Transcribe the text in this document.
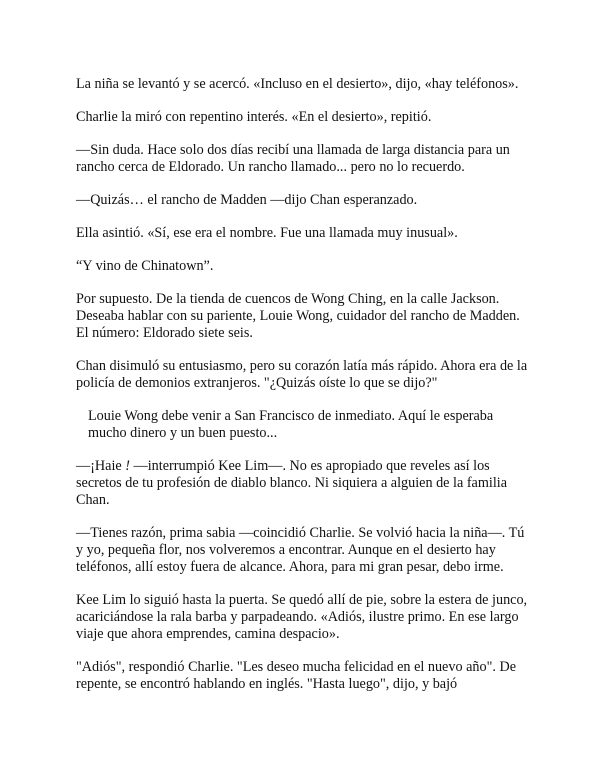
La niña se levantó y se acercó. «Incluso en el desierto», dijo, «hay teléfonos».

Charlie la miró con repentino interés. «En el desierto», repitió.

—Sin duda. Hace solo dos días recibí una llamada de larga distancia para un rancho cerca de Eldorado. Un rancho llamado... pero no lo recuerdo.

—Quizás… el rancho de Madden —dijo Chan esperanzado.

Ella asintió. «Sí, ese era el nombre. Fue una llamada muy inusual».

“Y vino de Chinatown”.

Por supuesto. De la tienda de cuencos de Wong Ching, en la calle Jackson. Deseaba hablar con su pariente, Louie Wong, cuidador del rancho de Madden. El número: Eldorado siete seis.

Chan disimuló su entusiasmo, pero su corazón latía más rápido. Ahora era de la policía de demonios extranjeros. "¿Quizás oíste lo que se dijo?"

Louie Wong debe venir a San Francisco de inmediato. Aquí le esperaba mucho dinero y un buen puesto...

—¡Haie ! —interrumpió Kee Lim—. No es apropiado que reveles así los secretos de tu profesión de diablo blanco. Ni siquiera a alguien de la familia Chan.

—Tienes razón, prima sabia —coincidió Charlie. Se volvió hacia la niña—. Tú y yo, pequeña flor, nos volveremos a encontrar. Aunque en el desierto hay teléfonos, allí estoy fuera de alcance. Ahora, para mi gran pesar, debo irme.

Kee Lim lo siguió hasta la puerta. Se quedó allí de pie, sobre la estera de junco, acariciándose la rala barba y parpadeando. «Adiós, ilustre primo. En ese largo viaje que ahora emprendes, camina despacio».

"Adiós", respondió Charlie. "Les deseo mucha felicidad en el nuevo año". De repente, se encontró hablando en inglés. "Hasta luego", dijo, y bajó
